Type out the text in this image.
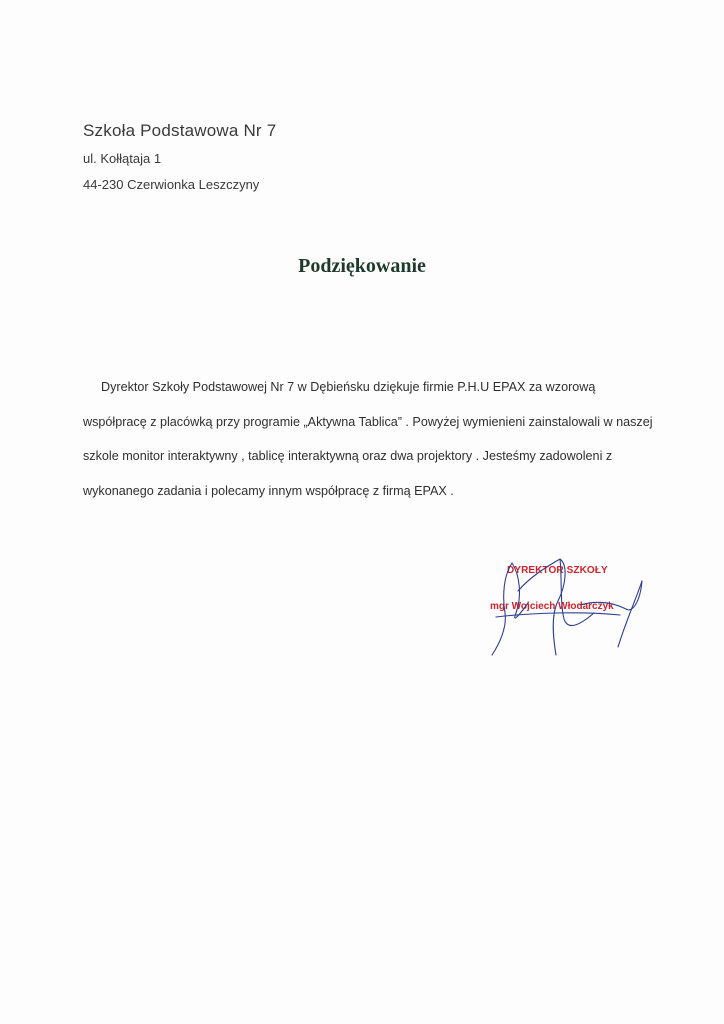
Szkoła Podstawowa Nr 7
ul. Kołłątaja 1
44-230 Czerwionka Leszczyny
Podziękowanie

Dyrektor Szkoły Podstawowej Nr 7 w Dębieńsku dziękuje firmie P.H.U EPAX za wzorową współpracę z placówką przy programie „Aktywna Tablica” . Powyżej wymienieni zainstalowali w naszej szkole monitor interaktywny , tablicę interaktywną oraz dwa projektory . Jesteśmy zadowoleni z wykonanego zadania i polecamy innym współpracę z firmą EPAX .

DYREKTOR SZKOŁY
mgr Wojciech Włodarczyk
